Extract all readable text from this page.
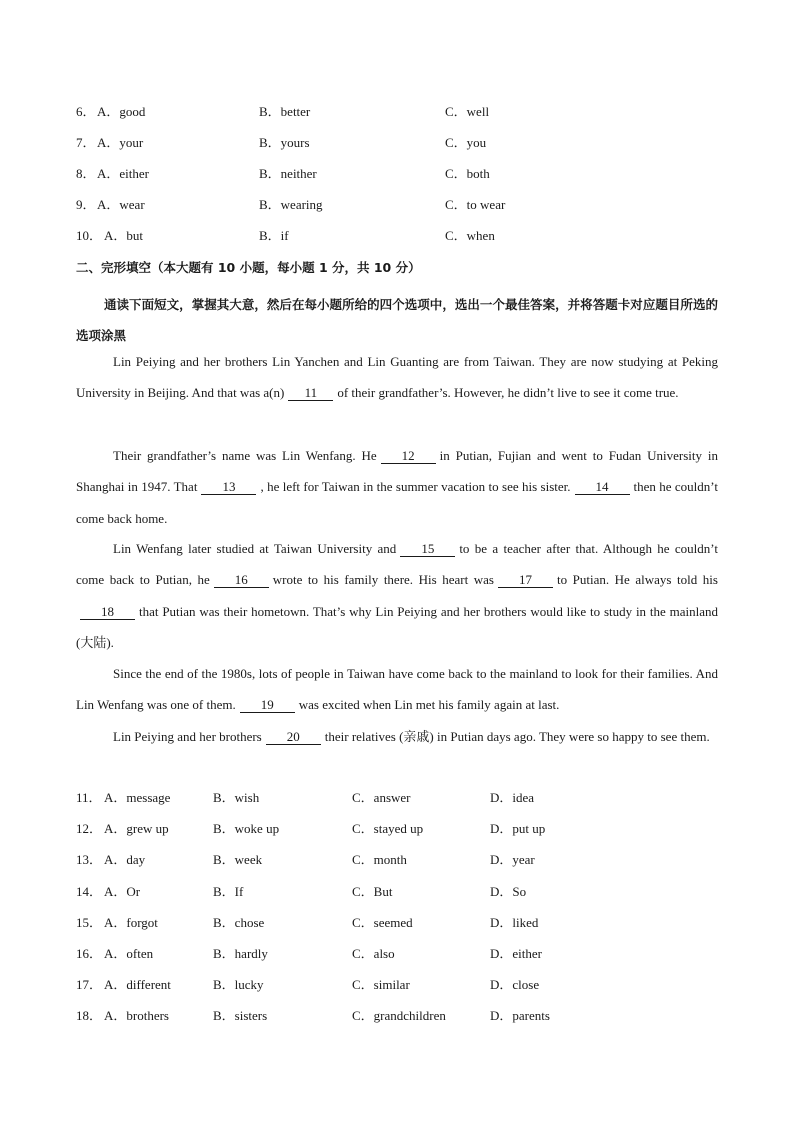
6． A．good	B．better	C．well
7． A．your	B．yours	C．you
8． A．either	B．neither	C．both
9． A．wear	B．wearing	C．to wear
10． A．but	B．if	C．when
二、完形填空（本大题有 10 小题，每小题 1 分，共 10 分）
通读下面短文，掌握其大意，然后在每小题所给的四个选项中，选出一个最佳答案，并将答题卡对应题目所选的选项涂黑
Lin Peiying and her brothers Lin Yanchen and Lin Guanting are from Taiwan. They are now studying at Peking University in Beijing. And that was a(n) 11 of their grandfather’s. However, he didn’t live to see it come true.
Their grandfather’s name was Lin Wenfang. He 12 in Putian, Fujian and went to Fudan University in Shanghai in 1947. That 13 , he left for Taiwan in the summer vacation to see his sister. 14 then he couldn’t come back home.
Lin Wenfang later studied at Taiwan University and 15 to be a teacher after that. Although he couldn’t come back to Putian, he 16 wrote to his family there. His heart was 17 to Putian. He always told his18 that Putian was their hometown. That’s why Lin Peiying and her brothers would like to study in the mainland (大陆).
Since the end of the 1980s, lots of people in Taiwan have come back to the mainland to look for their families. And Lin Wenfang was one of them. 19 was excited when Lin met his family again at last.
Lin Peiying and her brothers 20 their relatives (亲戚) in Putian days ago. They were so happy to see them.
11． A．message	B．wish	C．answer	D．idea
12． A．grew up	B．woke up	C．stayed up	D．put up
13． A．day	B．week	C．month	D．year
14． A．Or	B．If	C．But	D．So
15． A．forgot	B．chose	C．seemed	D．liked
16． A．often	B．hardly	C．also	D．either
17． A．different	B．lucky	C．similar	D．close
18． A．brothers	B．sisters	C．grandchildren	D．parents
